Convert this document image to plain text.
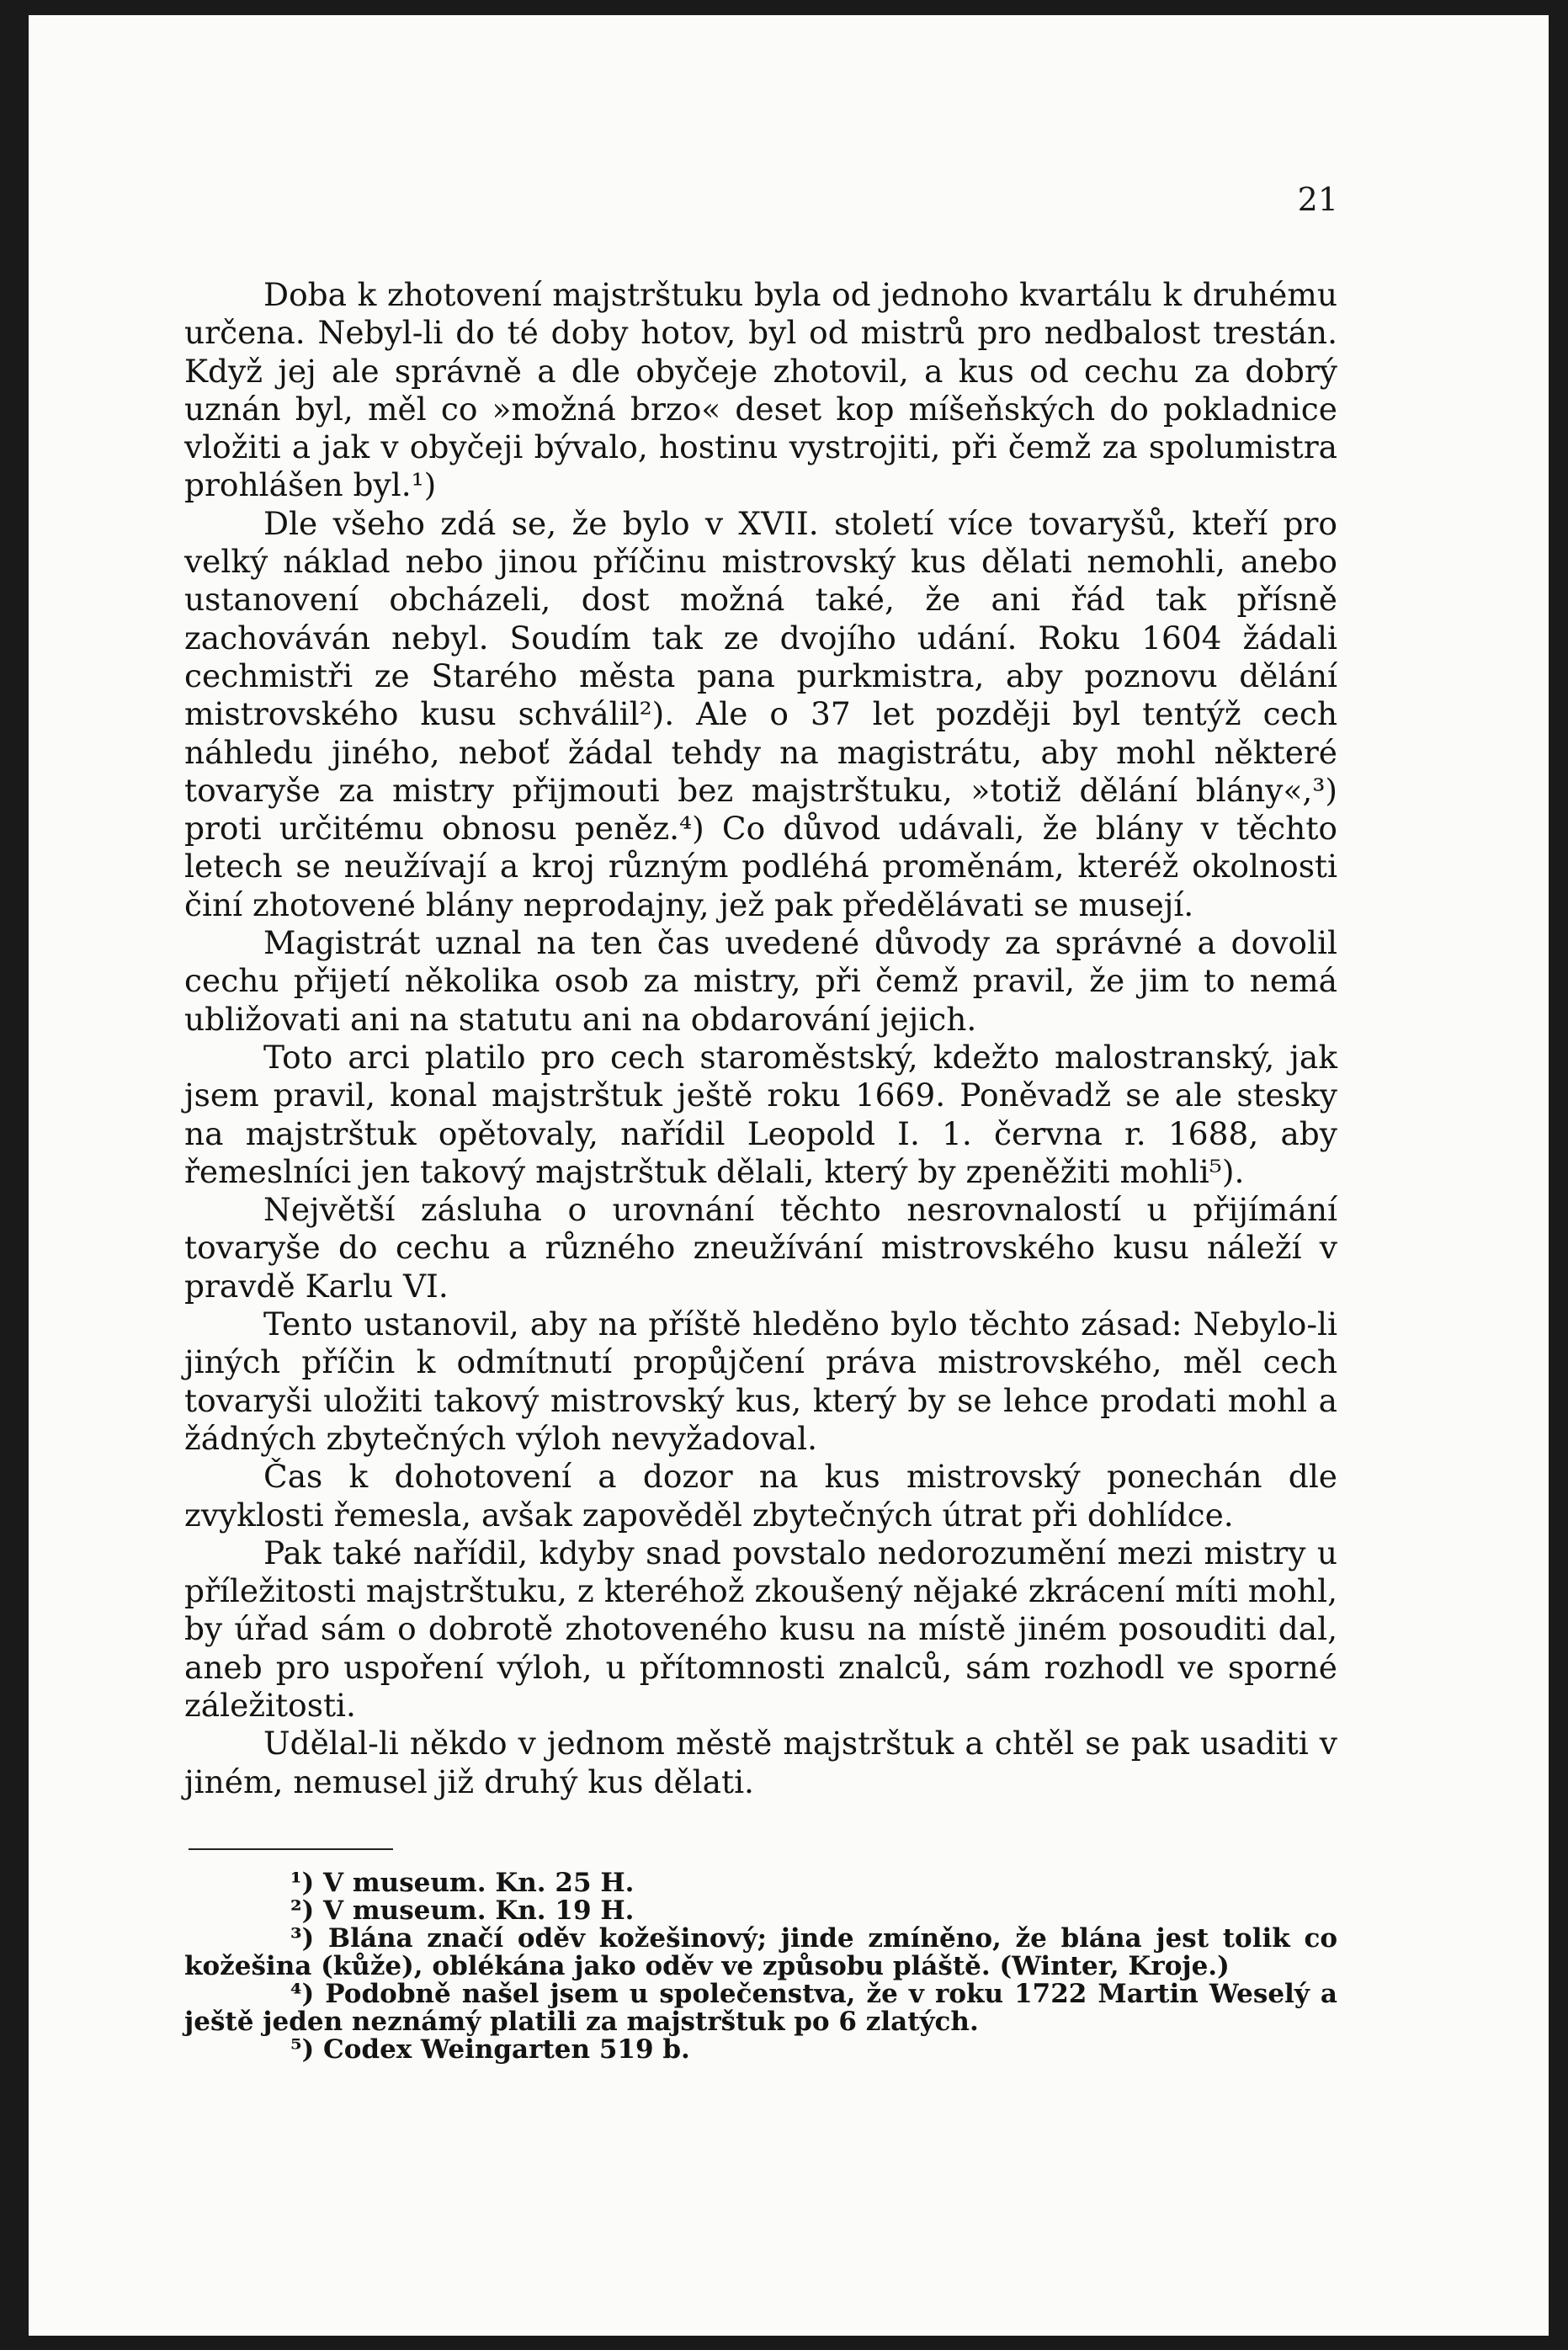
21

Doba k zhotovení majstrštuku byla od jednoho kvartálu k druhému určena. Nebyl-li do té doby hotov, byl od mistrů pro nedbalost trestán. Když jej ale správně a dle obyčeje zhotovil, a kus od cechu za dobrý uznán byl, měl co »možná brzo« deset kop míšeňských do pokladnice vložiti a jak v obyčeji bývalo, hostinu vystrojiti, při čemž za spolumistra prohlášen byl.¹)

Dle všeho zdá se, že bylo v XVII. století více tovaryšů, kteří pro velký náklad nebo jinou příčinu mistrovský kus dělati nemohli, anebo ustanovení obcházeli, dost možná také, že ani řád tak přísně zachováván nebyl. Soudím tak ze dvojího udání. Roku 1604 žádali cechmistři ze Starého města pana purkmistra, aby poznovu dělání mistrovského kusu schválil²). Ale o 37 let později byl tentýž cech náhledu jiného, neboť žádal tehdy na magistrátu, aby mohl některé tovaryše za mistry přijmouti bez majstrštuku, »totiž dělání blány«,³) proti určitému obnosu peněz.⁴) Co důvod udávali, že blány v těchto letech se neužívají a kroj různým podléhá proměnám, kteréž okolnosti činí zhotovené blány neprodajny, jež pak předělávati se musejí.

Magistrát uznal na ten čas uvedené důvody za správné a dovolil cechu přijetí několika osob za mistry, při čemž pravil, že jim to nemá ubližovati ani na statutu ani na obdarování jejich.

Toto arci platilo pro cech staroměstský, kdežto malostranský, jak jsem pravil, konal majstrštuk ještě roku 1669. Poněvadž se ale stesky na majstrštuk opětovaly, nařídil Leopold I. 1. června r. 1688, aby řemeslníci jen takový majstrštuk dělali, který by zpeněžiti mohli⁵).

Největší zásluha o urovnání těchto nesrovnalostí u přijímání tovaryše do cechu a různého zneužívání mistrovského kusu náleží v pravdě Karlu VI.

Tento ustanovil, aby na příště hleděno bylo těchto zásad: Nebylo-li jiných příčin k odmítnutí propůjčení práva mistrovského, měl cech tovaryši uložiti takový mistrovský kus, který by se lehce prodati mohl a žádných zbytečných výloh nevyžadoval.

Čas k dohotovení a dozor na kus mistrovský ponechán dle zvyklosti řemesla, avšak zapověděl zbytečných útrat při dohlídce.

Pak také nařídil, kdyby snad povstalo nedorozumění mezi mistry u příležitosti majstrštuku, z kteréhož zkoušený nějaké zkrácení míti mohl, by úřad sám o dobrotě zhotoveného kusu na místě jiném posouditi dal, aneb pro uspoření výloh, u přítomnosti znalců, sám rozhodl ve sporné záležitosti.

Udělal-li někdo v jednom městě majstrštuk a chtěl se pak usaditi v jiném, nemusel již druhý kus dělati.

¹) V museum. Kn. 25 H.

²) V museum. Kn. 19 H.

³) Blána značí oděv kožešinový; jinde zmíněno, že blána jest tolik co kožešina (kůže), oblékána jako oděv ve způsobu pláště. (Winter, Kroje.)

⁴) Podobně našel jsem u společenstva, že v roku 1722 Martin Weselý a ještě jeden neznámý platili za majstrštuk po 6 zlatých.

⁵) Codex Weingarten 519 b.
